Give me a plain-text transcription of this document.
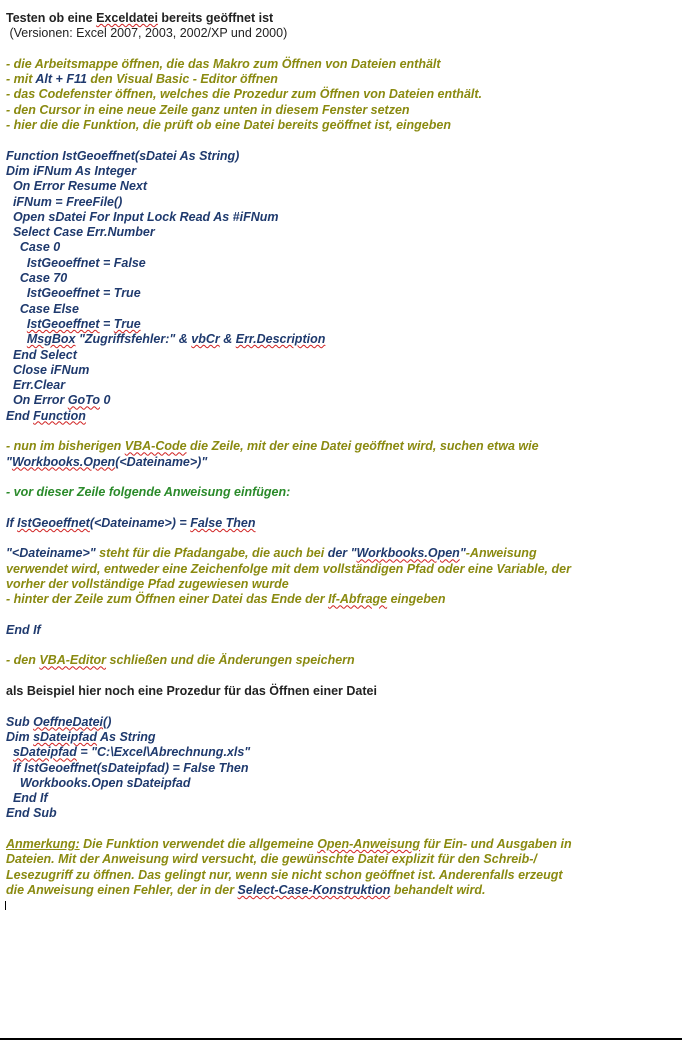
Testen ob eine Exceldatei bereits geöffnet ist
(Versionen: Excel 2007, 2003, 2002/XP und 2000)
- die Arbeitsmappe öffnen, die das Makro zum Öffnen von Dateien enthält
- mit Alt + F11 den Visual Basic - Editor öffnen
- das Codefenster öffnen, welches die Prozedur zum Öffnen von Dateien enthält.
- den Cursor in eine neue Zeile ganz unten in diesem Fenster setzen
- hier die die Funktion, die prüft ob eine Datei bereits geöffnet ist, eingeben
Function IstGeoeffnet(sDatei As String)
Dim iFNum As Integer
On Error Resume Next
iFNum = FreeFile()
Open sDatei For Input Lock Read As #iFNum
Select Case Err.Number
Case 0
IstGeoeffnet = False
Case 70
IstGeoeffnet = True
Case Else
IstGeoeffnet = True
MsgBox "Zugriffsfehler:" & vbCr & Err.Description
End Select
Close iFNum
Err.Clear
On Error GoTo 0
End Function
- nun im bisherigen VBA-Code die Zeile, mit der eine Datei geöffnet wird, suchen etwa wie
"Workbooks.Open(<Dateiname>)"
- vor dieser Zeile folgende Anweisung einfügen:
If IstGeoeffnet(<Dateiname>) = False Then
"<Dateiname>" steht für die Pfadangabe, die auch bei der "Workbooks.Open"-Anweisung
verwendet wird, entweder eine Zeichenfolge mit dem vollständigen Pfad oder eine Variable, der
vorher der vollständige Pfad zugewiesen wurde
- hinter der Zeile zum Öffnen einer Datei das Ende der If-Abfrage eingeben
End If
- den VBA-Editor schließen und die Änderungen speichern
als Beispiel hier noch eine Prozedur für das Öffnen einer Datei
Sub OeffneDatei()
Dim sDateipfad As String
sDateipfad = "C:\Excel\Abrechnung.xls"
If IstGeoeffnet(sDateipfad) = False Then
Workbooks.Open sDateipfad
End If
End Sub
Anmerkung: Die Funktion verwendet die allgemeine Open-Anweisung für Ein- und Ausgaben in
Dateien. Mit der Anweisung wird versucht, die gewünschte Datei explizit für den Schreib-/
Lesezugriff zu öffnen. Das gelingt nur, wenn sie nicht schon geöffnet ist. Anderenfalls erzeugt
die Anweisung einen Fehler, der in der Select-Case-Konstruktion behandelt wird.
